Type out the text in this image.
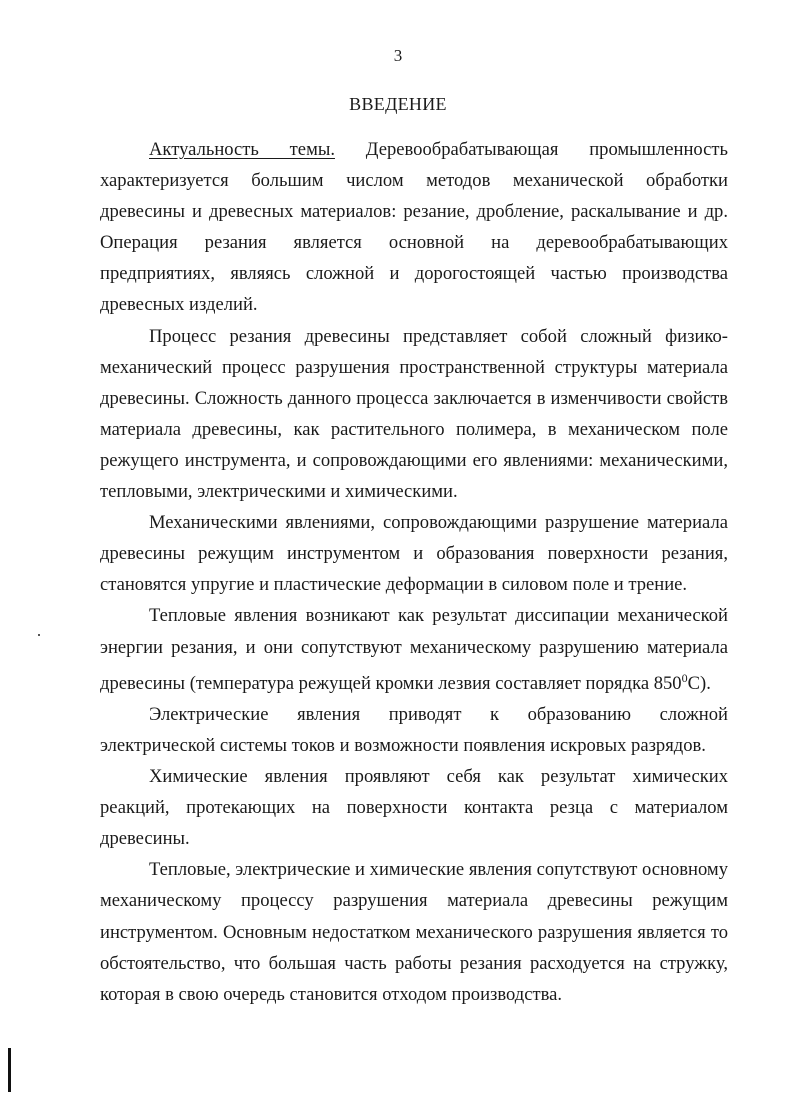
3
ВВЕДЕНИЕ

Актуальность темы. Деревообрабатывающая промышленность характеризуется большим числом методов механической обработки древесины и древесных материалов: резание, дробление, раскалывание и др. Операция резания является основной на деревообрабатывающих предприятиях, являясь сложной и дорогостоящей частью производства древесных изделий.

Процесс резания древесины представляет собой сложный физико-механический процесс разрушения пространственной структуры материала древесины. Сложность данного процесса заключается в изменчивости свойств материала древесины, как растительного полимера, в механическом поле режущего инструмента, и сопровождающими его явлениями: механическими, тепловыми, электрическими и химическими.

Механическими явлениями, сопровождающими разрушение материала древесины режущим инструментом и образования поверхности резания, становятся упругие и пластические деформации в силовом поле и трение.

Тепловые явления возникают как результат диссипации механической энергии резания, и они сопутствуют механическому разрушению материала древесины (температура режущей кромки лезвия составляет порядка $850^0С$).

Электрические явления приводят к образованию сложной электрической системы токов и возможности появления искровых разрядов.

Химические явления проявляют себя как результат химических реакций, протекающих на поверхности контакта резца с материалом древесины.

Тепловые, электрические и химические явления сопутствуют основному механическому процессу разрушения материала древесины режущим инструментом. Основным недостатком механического разрушения является то обстоятельство, что большая часть работы резания расходуется на стружку, которая в свою очередь становится отходом производства.
